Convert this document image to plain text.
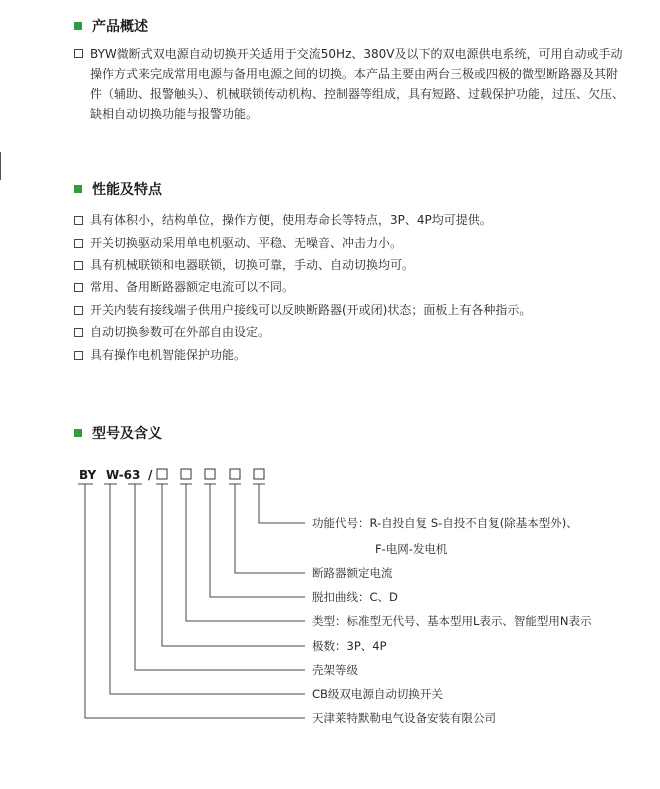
产品概述
BYW微断式双电源自动切换开关适用于交流50Hz、380V及以下的双电源供电系统，可用自动或手动操作方式来完成常用电源与备用电源之间的切换。本产品主要由两台三极或四极的微型断路器及其附件（辅助、报警触头）、机械联锁传动机构、控制器等组成，具有短路、过载保护功能，过压、欠压、缺相自动切换功能与报警功能。
性能及特点
具有体积小，结构单位，操作方便，使用寿命长等特点，3P、4P均可提供。
开关切换驱动采用单电机驱动、平稳、无噪音、冲击力小。
具有机械联锁和电器联锁，切换可靠，手动、自动切换均可。
常用、备用断路器额定电流可以不同。
开关内装有接线端子供用户接线可以反映断路器(开或闭)状态；面板上有各种指示。
自动切换参数可在外部自由设定。
具有操作电机智能保护功能。
型号及含义
BY W-63 /
功能代号：R-自投自复 S-自投不自复(除基本型外)、
F-电网-发电机
断路器额定电流
脱扣曲线：C、D
类型：标准型无代号、基本型用L表示、智能型用N表示
极数：3P、4P
壳架等级
CB级双电源自动切换开关
天津莱特默勒电气设备安装有限公司
